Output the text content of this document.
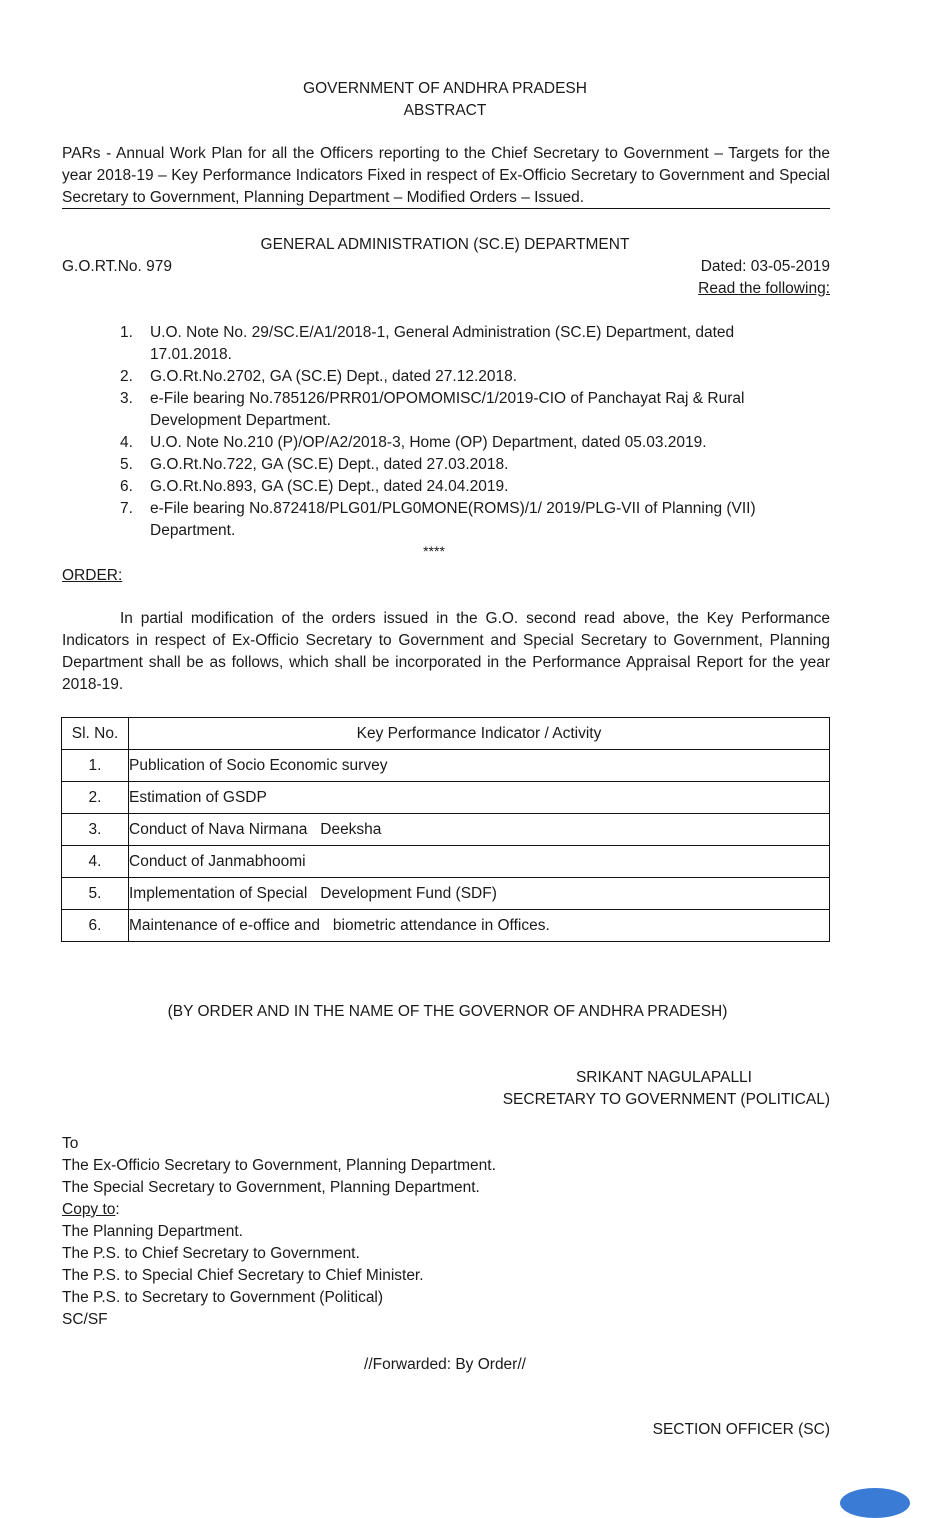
GOVERNMENT OF ANDHRA PRADESH
ABSTRACT
PARs - Annual Work Plan for all the Officers reporting to the Chief Secretary to Government – Targets for the year 2018-19 – Key Performance Indicators Fixed in respect of Ex-Officio Secretary to Government and Special Secretary to Government, Planning Department – Modified Orders – Issued.
GENERAL ADMINISTRATION (SC.E) DEPARTMENT
G.O.RT.No. 979	Dated: 03-05-2019
Read the following:
1.	U.O. Note No. 29/SC.E/A1/2018-1, General Administration (SC.E) Department, dated 17.01.2018.
2.	G.O.Rt.No.2702, GA (SC.E) Dept., dated 27.12.2018.
3.	e-File bearing No.785126/PRR01/OPOMOMISC/1/2019-CIO of Panchayat Raj & Rural Development Department.
4.	U.O. Note No.210 (P)/OP/A2/2018-3, Home (OP) Department, dated 05.03.2019.
5.	G.O.Rt.No.722, GA (SC.E) Dept., dated 27.03.2018.
6.	G.O.Rt.No.893, GA (SC.E) Dept., dated 24.04.2019.
7.	e-File bearing No.872418/PLG01/PLG0MONE(ROMS)/1/ 2019/PLG-VII of Planning (VII) Department.
****
ORDER:
In partial modification of the orders issued in the G.O. second read above, the Key Performance Indicators in respect of Ex-Officio Secretary to Government and Special Secretary to Government, Planning Department shall be as follows, which shall be incorporated in the Performance Appraisal Report for the year 2018-19.
Sl. No.	Key Performance Indicator / Activity
1.	Publication of Socio Economic survey
2.	Estimation of GSDP
3.	Conduct of Nava Nirmana   Deeksha
4.	Conduct of Janmabhoomi
5.	Implementation of Special   Development Fund (SDF)
6.	Maintenance of e-office and   biometric attendance in Offices.
(BY ORDER AND IN THE NAME OF THE GOVERNOR OF ANDHRA PRADESH)
SRIKANT NAGULAPALLI
SECRETARY TO GOVERNMENT (POLITICAL)
To
The Ex-Officio Secretary to Government, Planning Department.
The Special Secretary to Government, Planning Department.
Copy to:
The Planning Department.
The P.S. to Chief Secretary to Government.
The P.S. to Special Chief Secretary to Chief Minister.
The P.S. to Secretary to Government (Political)
SC/SF
//Forwarded: By Order//
SECTION OFFICER (SC)
